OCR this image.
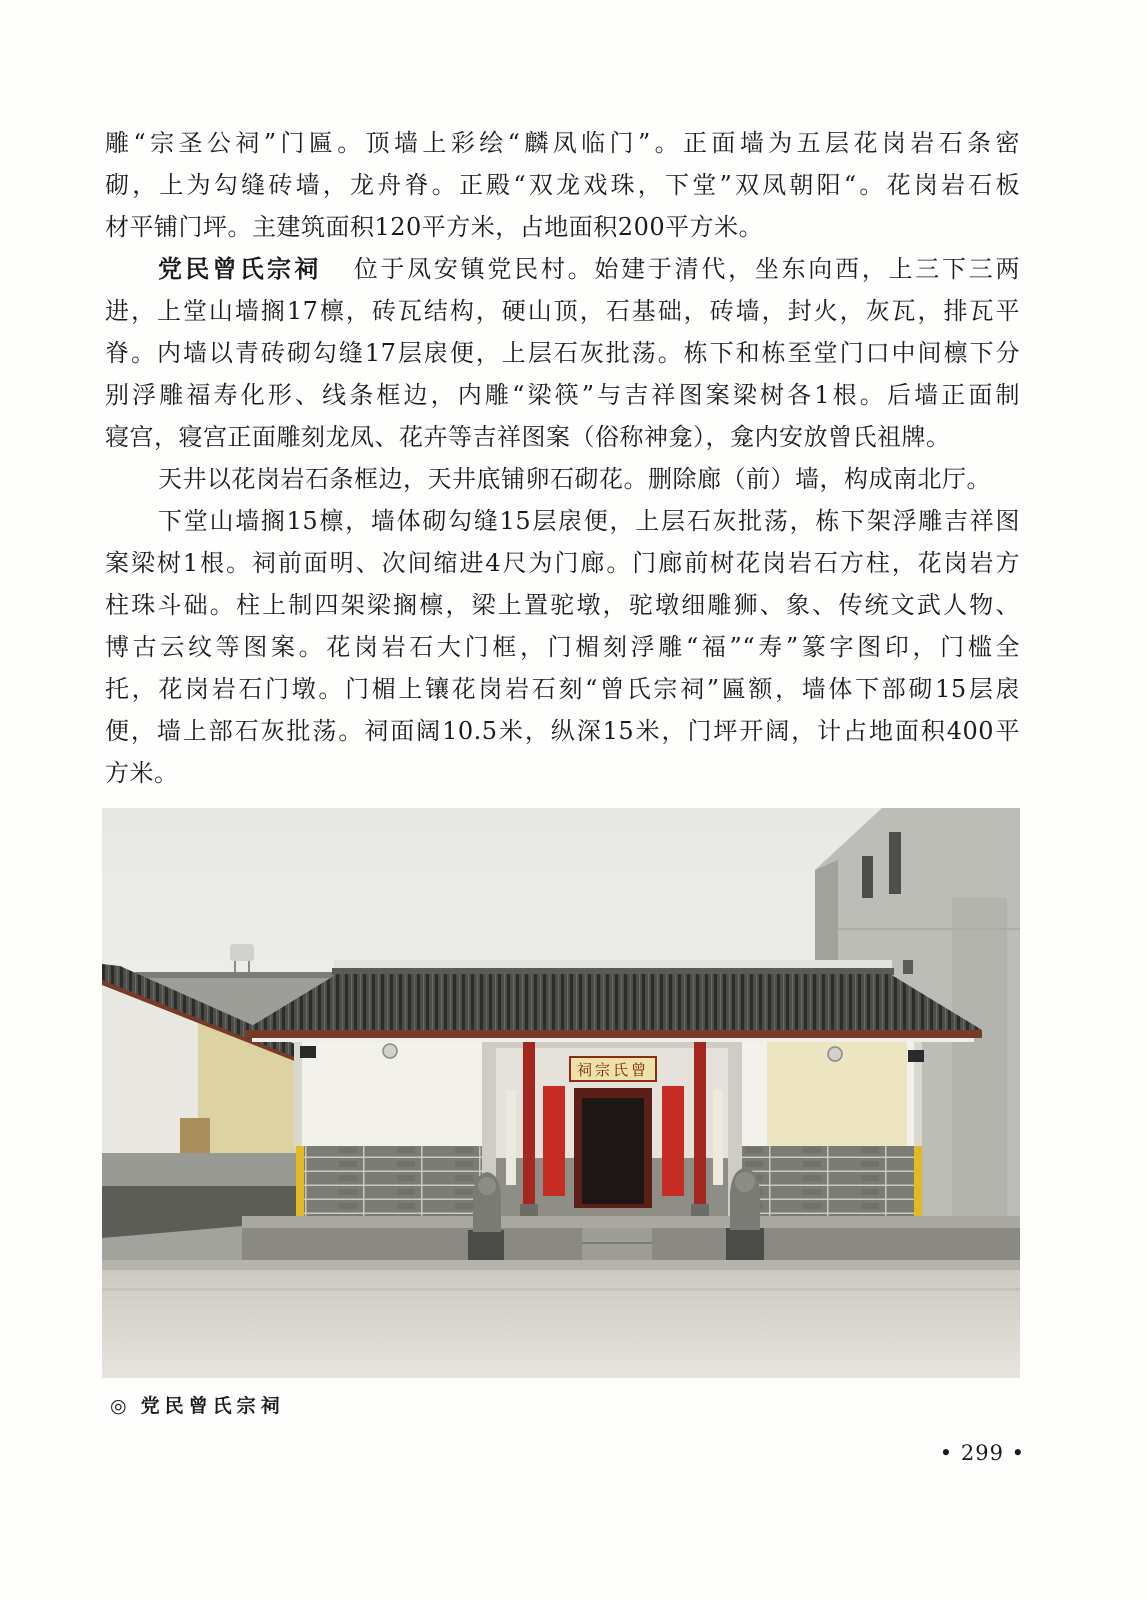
雕“宗圣公祠”门匾。顶墙上彩绘“麟凤临门”。正面墙为五层花岗岩石条密
砌，上为勾缝砖墙，龙舟脊。正殿“双龙戏珠，下堂”双凤朝阳“。花岗岩石板
材平铺门坪。主建筑面积120平方米，占地面积200平方米。
党民曾氏宗祠 位于凤安镇党民村。始建于清代，坐东向西，上三下三两
进，上堂山墙搁17檩，砖瓦结构，硬山顶，石基础，砖墙，封火，灰瓦，排瓦平
脊。内墙以青砖砌勾缝17层扆便，上层石灰批荡。栋下和栋至堂门口中间檩下分
别浮雕福寿化形、线条框边，内雕“梁筷”与吉祥图案梁树各1根。后墙正面制
寝宫，寝宫正面雕刻龙凤、花卉等吉祥图案（俗称神龛），龛内安放曾氏祖牌。
天井以花岗岩石条框边，天井底铺卵石砌花。删除廊（前）墙，构成南北厅。
下堂山墙搁15檩，墙体砌勾缝15层扆便，上层石灰批荡，栋下架浮雕吉祥图
案梁树1根。祠前面明、次间缩进4尺为门廊。门廊前树花岗岩石方柱，花岗岩方
柱珠斗础。柱上制四架梁搁檩，梁上置驼墩，驼墩细雕狮、象、传统文武人物、
博古云纹等图案。花岗岩石大门框，门楣刻浮雕“福”“寿”篆字图印，门槛全
托，花岗岩石门墩。门楣上镶花岗岩石刻“曾氏宗祠”匾额，墙体下部砌15层扆
便，墙上部石灰批荡。祠面阔10.5米，纵深15米，门坪开阔，计占地面积400平
方米。
祠宗氏曾
◎ 党民曾氏宗祠
• 299 •
